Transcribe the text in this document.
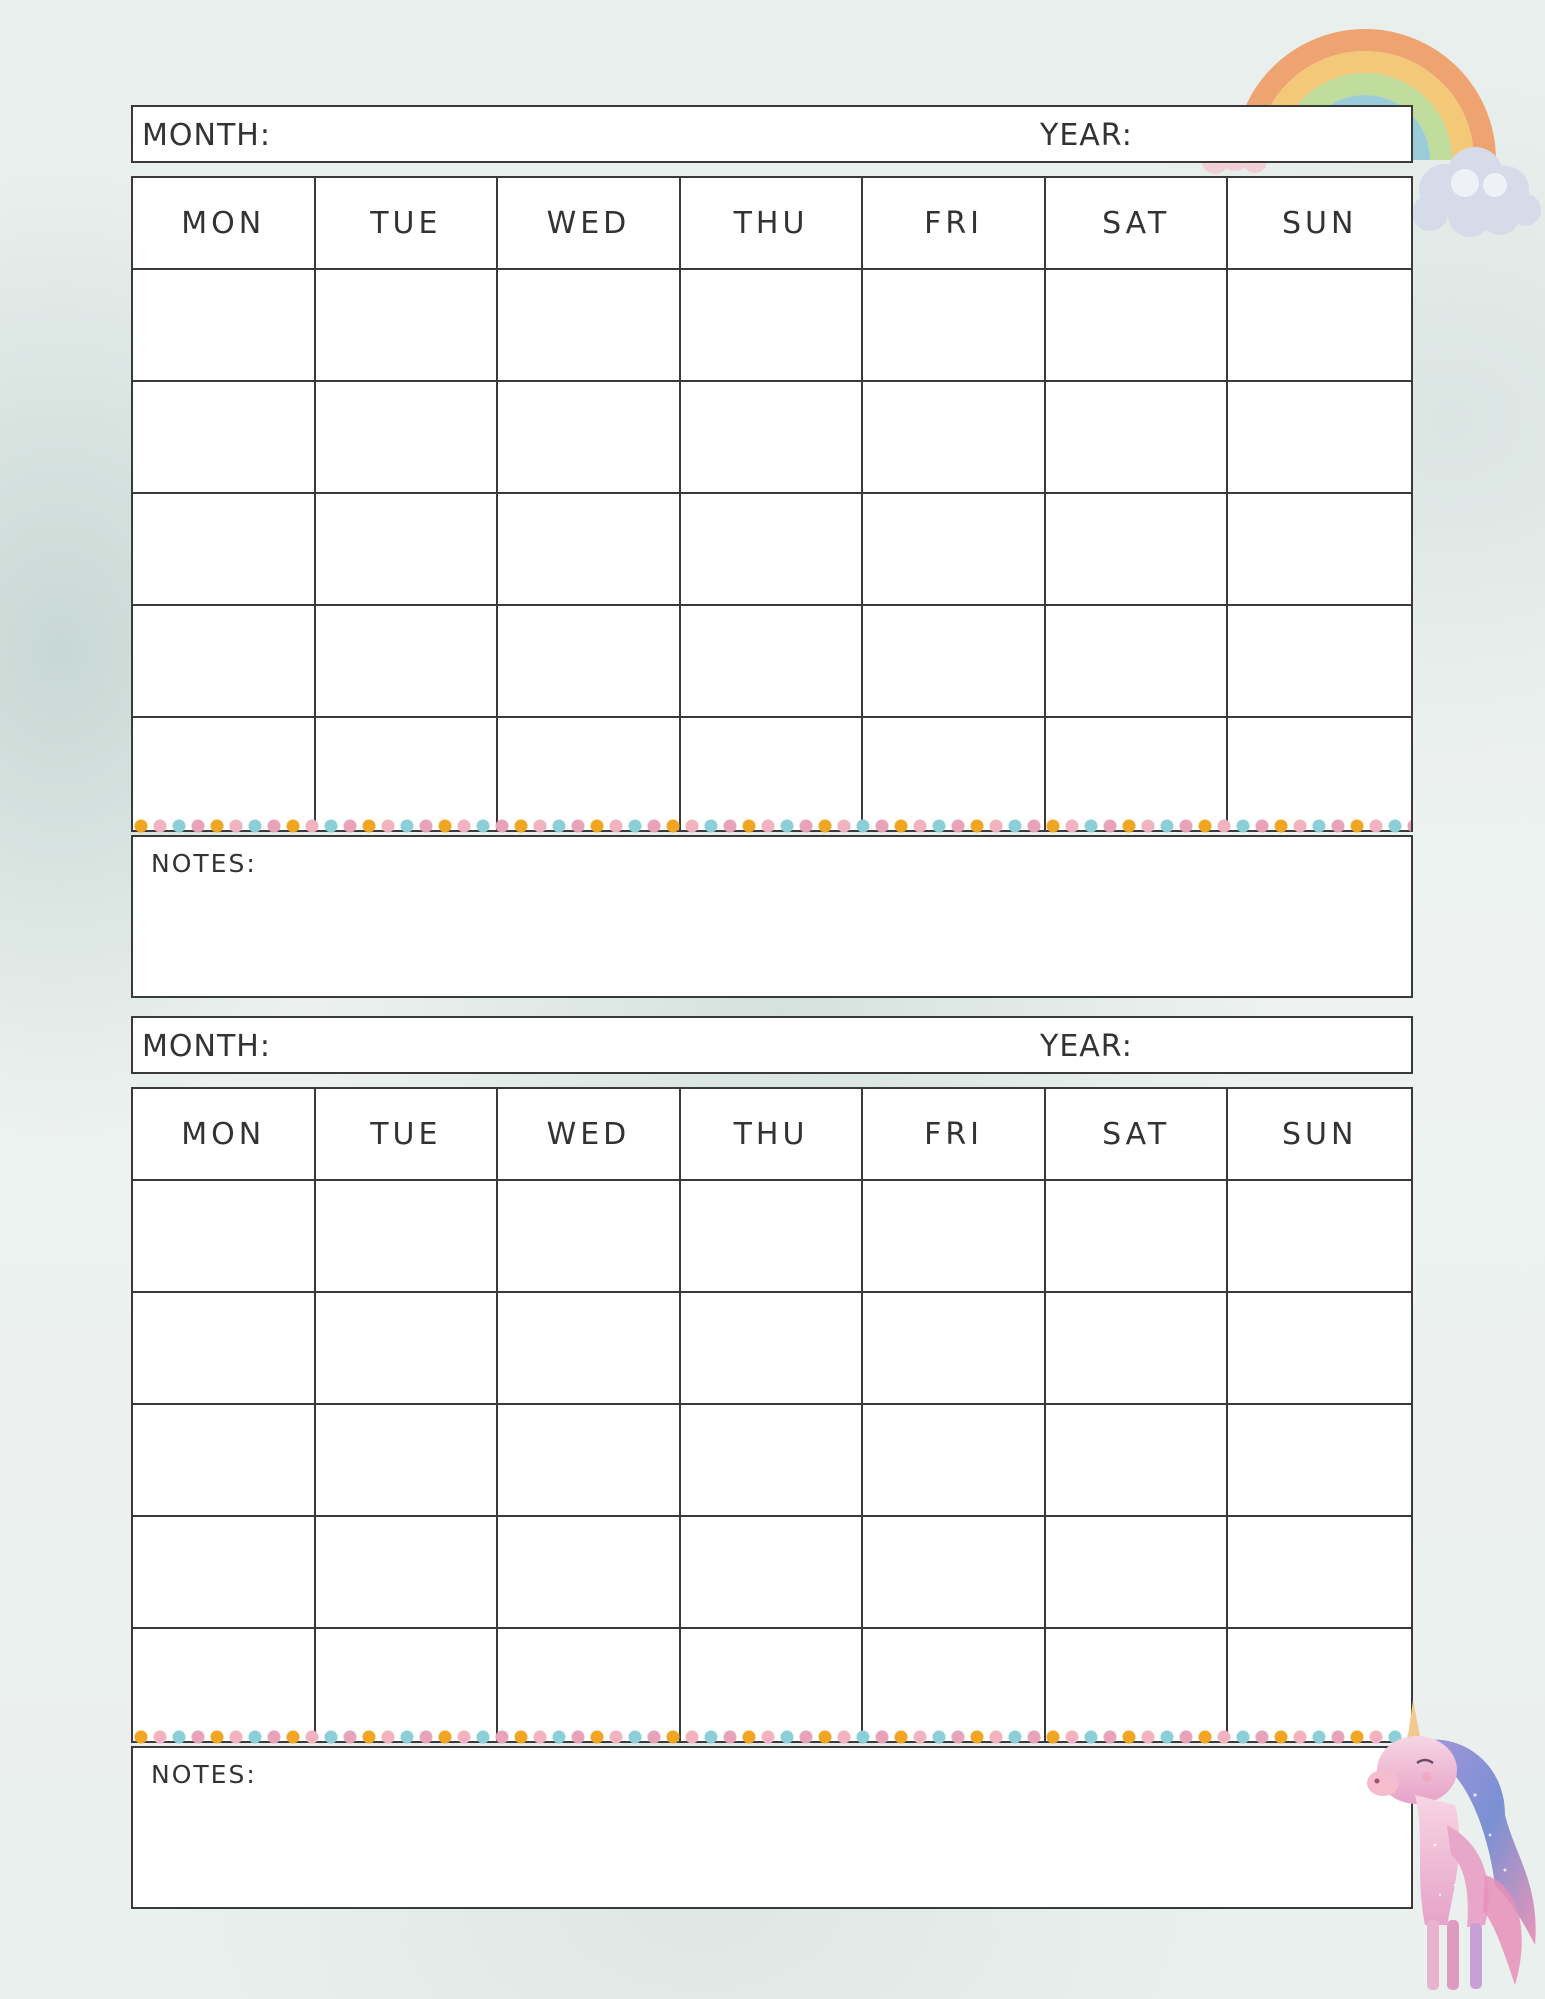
MONTH:	YEAR:
MON	TUE	WED	THU	FRI	SAT	SUN
NOTES:
MONTH:	YEAR:
MON	TUE	WED	THU	FRI	SAT	SUN
NOTES:
